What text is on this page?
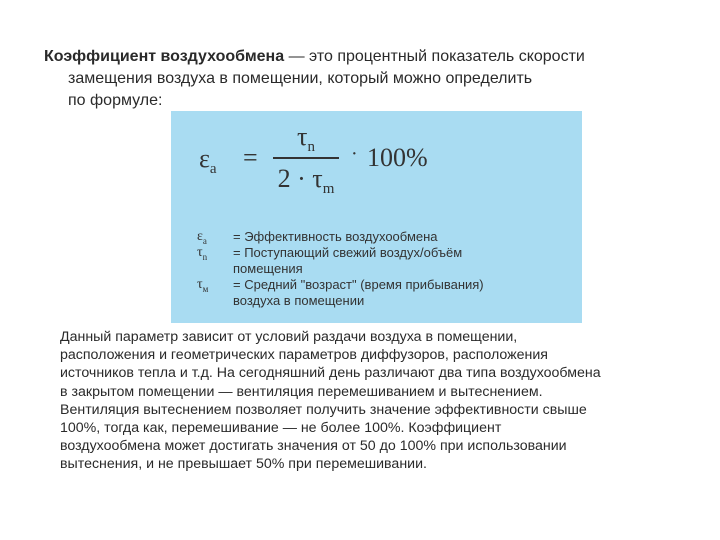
Коэффициент воздухообмена — это процентный показатель скорости
замещения воздуха в помещении, который можно определить
по формуле:
$\varepsilon_a$ =
$\tau_n$
$2 \cdot \tau_m$
· 100%
$\varepsilon_a$ = Эффективность воздухообмена
$\tau_n$ = Поступающий свежий воздух/объём
помещения
$\tau_м$ = Средний "возраст" (время прибывания)
воздуха в помещении
Данный параметр зависит от условий раздачи воздуха в помещении,
расположения и геометрических параметров диффузоров, расположения
источников тепла и т.д. На сегодняшний день различают два типа воздухообмена
в закрытом помещении — вентиляция перемешиванием и вытеснением.
Вентиляция вытеснением позволяет получить значение эффективности свыше
100%, тогда как, перемешивание — не более 100%. Коэффициент
воздухообмена может достигать значения от 50 до 100% при использовании
вытеснения, и не превышает 50% при перемешивании.
